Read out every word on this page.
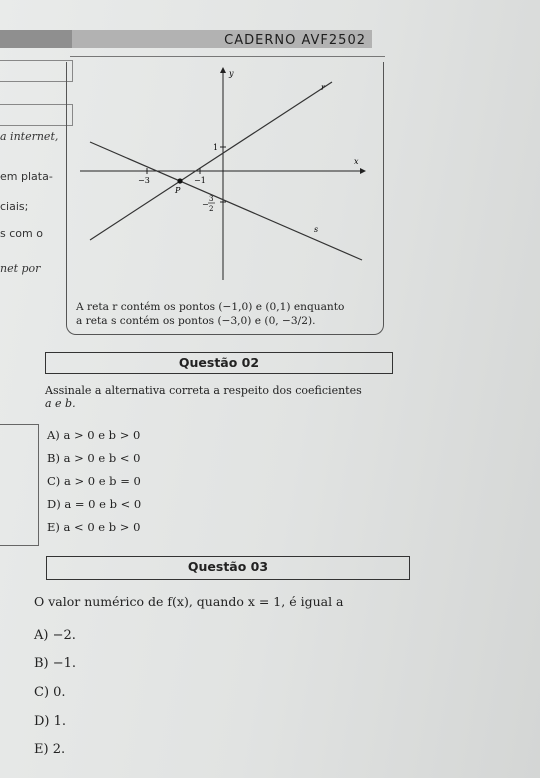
CADERNO AVF2502
a internet,
em plata-
ciais;
s com o
net por
y
x
r
s
P
1
−3	−1
−
3
2
A reta r contém os pontos (−1,0) e (0,1) enquanto
a reta s contém os pontos (−3,0) e (0, −3/2).
Questão 02
Assinale a alternativa correta a respeito dos coeficientes
a e b.
A) a > 0 e b > 0
B) a > 0 e b < 0
C) a > 0 e b = 0
D) a = 0 e b < 0
E) a < 0 e b > 0
Questão 03
O valor numérico de f(x), quando x = 1, é igual a
A) −2.
B) −1.
C) 0.
D) 1.
E) 2.
